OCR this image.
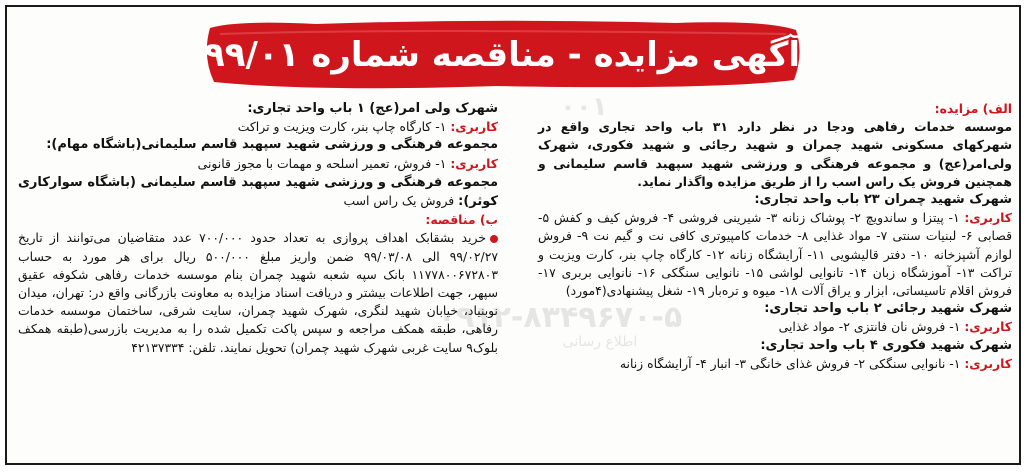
آگهی مزایده - مناقصه شماره ۹۹/۰۱

الف) مزایده:

موسسه خدمات رفاهی ودجا در نظر دارد ۳۱ باب واحد تجاری واقع در شهرکهای مسکونی شهید چمران و شهید رجائی و شهید فکوری، شهرک ولی‌امر(عج) و مجموعه فرهنگی و ورزشی شهید سپهبد قاسم سلیمانی و همچنین فروش یک راس اسب را از طریق مزایده واگذار نماید.

شهرک شهید چمران ۲۳ باب واحد تجاری:

کاربری: ۱- پیتزا و ساندویچ ۲- پوشاک زنانه ۳- شیرینی فروشی ۴- فروش کیف و کفش ۵- قصابی ۶- لبنیات سنتی ۷- مواد غذایی ۸- خدمات کامپیوتری کافی نت و گیم نت ۹- فروش لوازم آشپزخانه ۱۰- دفتر قالیشویی ۱۱- آرایشگاه زنانه ۱۲- کارگاه چاپ بنر، کارت ویزیت و تراکت ۱۳- آموزشگاه زبان ۱۴- تانوایی لواشی ۱۵- نانوایی سنگکی ۱۶- نانوایی بربری ۱۷- فروش اقلام تاسیساتی، ابزار و یراق آلات ۱۸- میوه و تره‌بار ۱۹- شغل پیشنهادی(۴مورد)

شهرک شهید رجائی ۲ باب واحد تجاری:

کاربری: ۱- فروش نان فانتزی ۲- مواد غذایی

شهرک شهید فکوری ۴ باب واحد تجاری:

کاربری: ۱- نانوایی سنگکی ۲- فروش غذای خانگی ۳- انبار ۴- آرایشگاه زنانه

شهرک ولی امر(عج) ۱ باب واحد تجاری:

کاربری: ۱- کارگاه چاپ بنر، کارت ویزیت و تراکت

مجموعه فرهنگی و ورزشی شهید سپهبد قاسم سلیمانی(باشگاه مهام):

کاربری: ۱- فروش، تعمیر اسلحه و مهمات با مجوز قانونی

مجموعه فرهنگی و ورزشی شهید سپهبد قاسم سلیمانی (باشگاه سوارکاری کوثر): فروش یک راس اسب

ب) مناقصه:

خرید بشقابک اهداف پروازی به تعداد حدود ۷۰۰/۰۰۰ عدد متقاضیان می‌توانند از تاریخ ۹۹/۰۲/۲۷ الی ۹۹/۰۳/۰۸ ضمن واریز مبلغ ۵۰۰/۰۰۰ ریال برای هر مورد به حساب ۱۱۷۷۸۰۰۶۷۲۸۰۳ بانک سپه شعبه شهید چمران بنام موسسه خدمات رفاهی شکوفه عقیق سپهر، جهت اطلاعات بیشتر و دریافت اسناد مزایده به معاونت بازرگانی واقع در: تهران، میدان نوبنیاد، خیابان شهید لنگری، شهرک شهید چمران، سایت شرقی، ساختمان موسسه خدمات رفاهی، طبقه همکف مراجعه و سپس پاکت تکمیل شده را به مدیریت بازرسی(طبقه همکف بلوک۹ سایت غربی شهرک شهید چمران) تحویل نمایند. تلفن: ۴۲۱۳۷۳۳۴
